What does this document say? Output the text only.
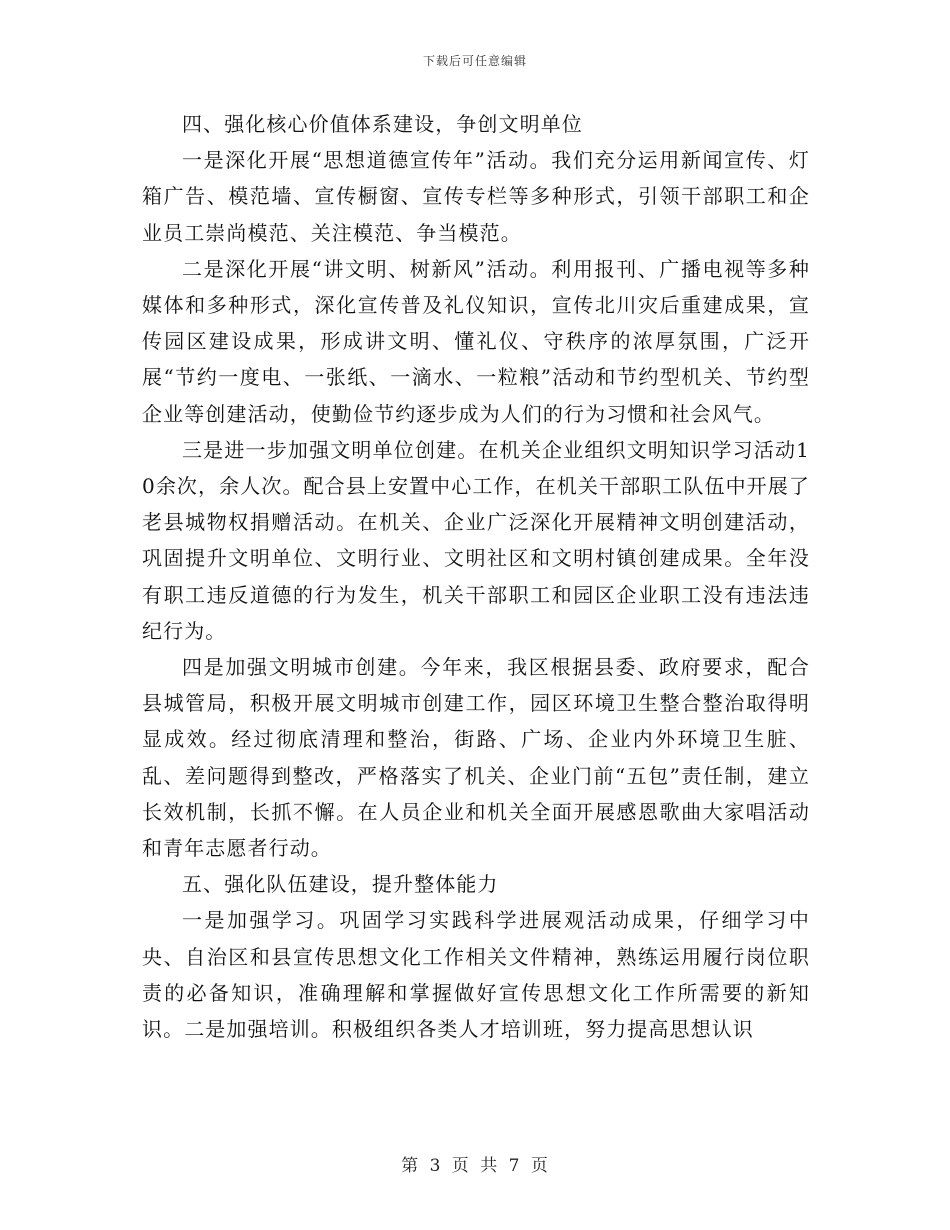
下载后可任意编辑

四、强化核心价值体系建设，争创文明单位

一是深化开展“思想道德宣传年”活动。我们充分运用新闻宣传、灯箱广告、模范墙、宣传橱窗、宣传专栏等多种形式，引领干部职工和企业员工崇尚模范、关注模范、争当模范。

二是深化开展“讲文明、树新风”活动。利用报刊、广播电视等多种媒体和多种形式，深化宣传普及礼仪知识，宣传北川灾后重建成果，宣传园区建设成果，形成讲文明、懂礼仪、守秩序的浓厚氛围，广泛开展“节约一度电、一张纸、一滴水、一粒粮”活动和节约型机关、节约型企业等创建活动，使勤俭节约逐步成为人们的行为习惯和社会风气。

三是进一步加强文明单位创建。在机关企业组织文明知识学习活动10余次，余人次。配合县上安置中心工作，在机关干部职工队伍中开展了老县城物权捐赠活动。在机关、企业广泛深化开展精神文明创建活动，巩固提升文明单位、文明行业、文明社区和文明村镇创建成果。全年没有职工违反道德的行为发生，机关干部职工和园区企业职工没有违法违纪行为。

四是加强文明城市创建。今年来，我区根据县委、政府要求，配合县城管局，积极开展文明城市创建工作，园区环境卫生整合整治取得明显成效。经过彻底清理和整治，街路、广场、企业内外环境卫生脏、乱、差问题得到整改，严格落实了机关、企业门前“五包”责任制，建立长效机制，长抓不懈。在人员企业和机关全面开展感恩歌曲大家唱活动和青年志愿者行动。

五、强化队伍建设，提升整体能力

一是加强学习。巩固学习实践科学进展观活动成果，仔细学习中央、自治区和县宣传思想文化工作相关文件精神，熟练运用履行岗位职责的必备知识，准确理解和掌握做好宣传思想文化工作所需要的新知识。二是加强培训。积极组织各类人才培训班，努力提高思想认识

第 3 页 共 7 页
